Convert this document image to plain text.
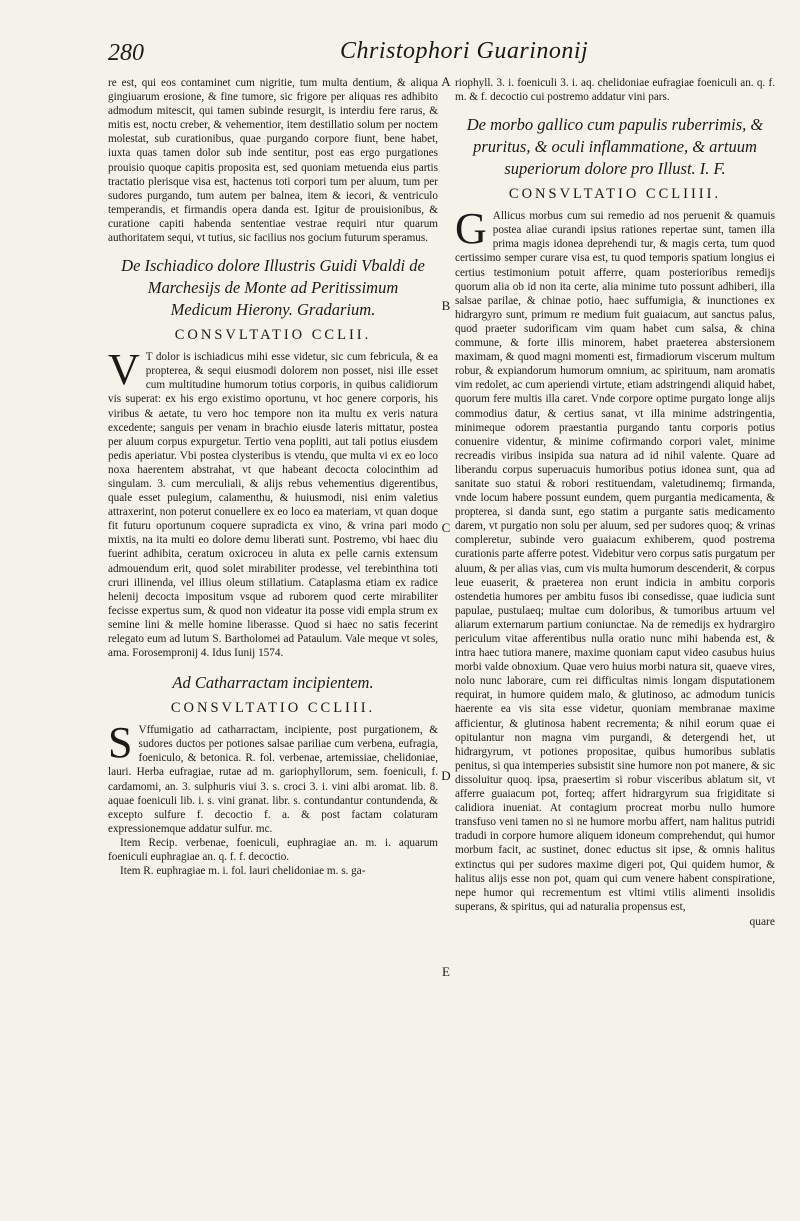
280	Christophori Guarinonij
A
B
C
D
E

re est, qui eos contaminet cum nigritie, tum multa dentium, & aliqua gingiuarum erosione, & fine tumore, sic frigore per aliquas res adhibito admodum mitescit, qui tamen subinde resurgit, is interdiu fere rarus, & mitis est, noctu creber, & vehementior, item destillatio solum per noctem molestat, sub curationibus, quae purgando corpore fiunt, bene habet, iuxta quas tamen dolor sub inde sentitur, post eas ergo purgationes prouisio quoque capitis proposita est, sed quoniam metuenda eius partis tractatio plerisque visa est, hactenus toti corpori tum per aluum, tum per sudores purgando, tum autem per balnea, item & iecori, & ventriculo temperandis, et firmandis opera danda est. Igitur de prouisionibus, & curatione capiti habenda sententiae vestrae requiri ntur quarum authoritatem sequi, vt tutius, sic facilius nos gocium futurum speramus.

De Ischiadico dolore Illustris Guidi Vbaldi de Marchesijs de Monte ad Peritissimum Medicum Hierony. Gradarium.
CONSVLTATIO CCLII.

V T dolor is ischiadicus mihi esse videtur, sic cum febricula, & ea propterea, & sequi eiusmodi dolorem non posset, nisi ille esset cum multitudine humorum totius corporis, in quibus calidiorum vis superat: ex his ergo existimo oportunu, vt hoc genere corporis, his viribus & aetate, tu vero hoc tempore non ita multu ex veris natura excedente; sanguis per venam in brachio eiusde lateris mittatur, postea per aluum corpus expurgetur. Tertio vena popliti, aut tali potius eiusdem pedis aperiatur. Vbi postea clysteribus is vtendu, que multa vi ex eo loco noxa haerentem abstrahat, vt que habeant decocta colocinthim ad singulam. 3. cum merculiali, & alijs rebus vehementius digerentibus, quale esset pulegium, calamenthu, & huiusmodi, nisi enim valetius attraxerint, non poterut conuellere ex eo loco ea materiam, vt quan doque fit futuru oportunum coquere supradicta ex vino, & vrina pari modo mixtis, na ita multi eo dolore demu liberati sunt. Postremo, vbi haec diu fuerint adhibita, ceratum oxicroceu in aluta ex pelle carnis extensum admouendum erit, quod solet mirabiliter prodesse, vel terebinthina toti cruri illinenda, vel illius oleum stillatium. Cataplasma etiam ex radice helenij decocta impositum vsque ad ruborem quod certe mirabiliter fecisse expertus sum, & quod non videatur ita posse vidi empla strum ex semine lini & melle homine liberasse. Quod si haec no satis fecerint relegato eum ad lutum S. Bartholomei ad Pataulum. Vale meque vt soles, ama. Forosempronij 4. Idus Iunij 1574.

Ad Catharractam incipientem.
CONSVLTATIO CCLIII.

S Vffumigatio ad catharractam, incipiente, post purgationem, & sudores ductos per potiones salsae pariliae cum verbena, eufragia, foeniculo, & betonica. R. fol. verbenae, artemissiae, chelidoniae, lauri. Herba eufragiae, rutae ad m. gariophyllorum, sem. foeniculi, f. cardamomi, an. 3. sulphuris viui 3. s. croci 3. i. vini albi aromat. lib. 8. aquae foeniculi lib. i. s. vini granat. libr. s. contundantur contundenda, & excepto sulfure f. decoctio f. a. & post factam colaturam expressionemque addatur sulfur. mc.

Item Recip. verbenae, foeniculi, euphragiae an. m. i. aquarum foeniculi euphragiae an. q. f. f. decoctio.

Item R. euphragiae m. i. fol. lauri chelidoniae m. s. ga-

riophyll. 3. i. foeniculi 3. i. aq. chelidoniae eufragiae foeniculi an. q. f. m. & f. decoctio cui postremo addatur vini pars.

De morbo gallico cum papulis ruberrimis, & pruritus, & oculi inflammatione, & artuum superiorum dolore pro Illust. I. F.
CONSVLTATIO CCLIIII.

G Allicus morbus cum sui remedio ad nos peruenit & quamuis postea aliae curandi ipsius rationes repertae sunt, tamen illa prima magis idonea deprehendi tur, & magis certa, tum quod certissimo semper curare visa est, tu quod temporis spatium longius ei certius testimonium potuit afferre, quam posterioribus remedijs quorum alia ob id non ita certe, alia minime tuto possunt adhiberi, illa salsae parilae, & chinae potio, haec suffumigia, & inunctiones ex hidrargyro sunt, primum re medium fuit guaiacum, aut sanctus palus, quod praeter sudorificam vim quam habet cum salsa, & china commune, & forte illis minorem, habet praeterea abstersionem maximam, & quod magni momenti est, firmadiorum viscerum multum robur, & expiandorum humorum omnium, ac spirituum, nam aromatis vim redolet, ac cum aperiendi virtute, etiam adstringendi aliquid habet, quorum fere multis illa caret. Vnde corpore optime purgato longe alijs commodius datur, & certius sanat, vt illa minime adstringentia, minimeque odorem praestantia purgando tantu corporis potius conuenire videntur, & minime cofirmando corpori valet, minime recreadis viribus insipida sua natura ad id nihil valente. Quare ad liberandu corpus superuacuis humoribus potius idonea sunt, qua ad sanitate suo statui & robori restituendam, valetudinemq; firmanda, vnde locum habere possunt eundem, quem purgantia medicamenta, & propterea, si danda sunt, ego statim a purgante satis medicamento darem, vt purgatio non solu per aluum, sed per sudores quoq; & vrinas compleretur, subinde vero guaiacum exhiberem, quod postrema curationis parte afferre potest. Videbitur vero corpus satis purgatum per aluum, & per alias vias, cum vis multa humorum descenderit, & corpus leue euaserit, & praeterea non erunt indicia in ambitu corporis ostendetia humores per ambitu fusos ibi consedisse, quae iudicia sunt papulae, pustulaeq; multae cum doloribus, & tumoribus artuum vel aliarum externarum partium coniunctae. Na de remedijs ex hydrargiro periculum vitae afferentibus nulla oratio nunc mihi habenda est, & intra haec tutiora manere, maxime quoniam caput video casubus huius morbi valde obnoxium. Quae vero huius morbi natura sit, quaeve vires, nolo nunc laborare, cum rei difficultas nimis longam disputationem requirat, in humore quidem malo, & glutinoso, ac admodum tunicis haerente ea vis sita esse videtur, quoniam membranae maxime afficientur, & glutinosa habent recrementa; & nihil eorum quae ei opitulantur non magna vim purgandi, & detergendi het, ut hidrargyrum, vt potiones propositae, quibus humoribus sublatis penitus, si qua intemperies subsistit sine humore non pot manere, & sic dissoluitur quoq. ipsa, praesertim si robur visceribus ablatum sit, vt afferre guaiacum pot, forteq; affert hidrargyrum sua frigiditate si calidiora inueniat. At contagium procreat morbu nullo humore transfuso veni tamen no si ne humore morbu affert, nam halitus putridi tradudi in corpore humore aliquem idoneum comprehendut, qui humor morbum facit, ac sustinet, donec eductus sit ipse, & omnis halitus extinctus qui per sudores maxime digeri pot, Qui quidem humor, & halitus alijs esse non pot, quam qui cum venere habent conspiratione, nepe humor qui recrementum est vltimi vtilis alimenti insolidis superans, & spiritus, qui ad naturalia propensus est,

quare
